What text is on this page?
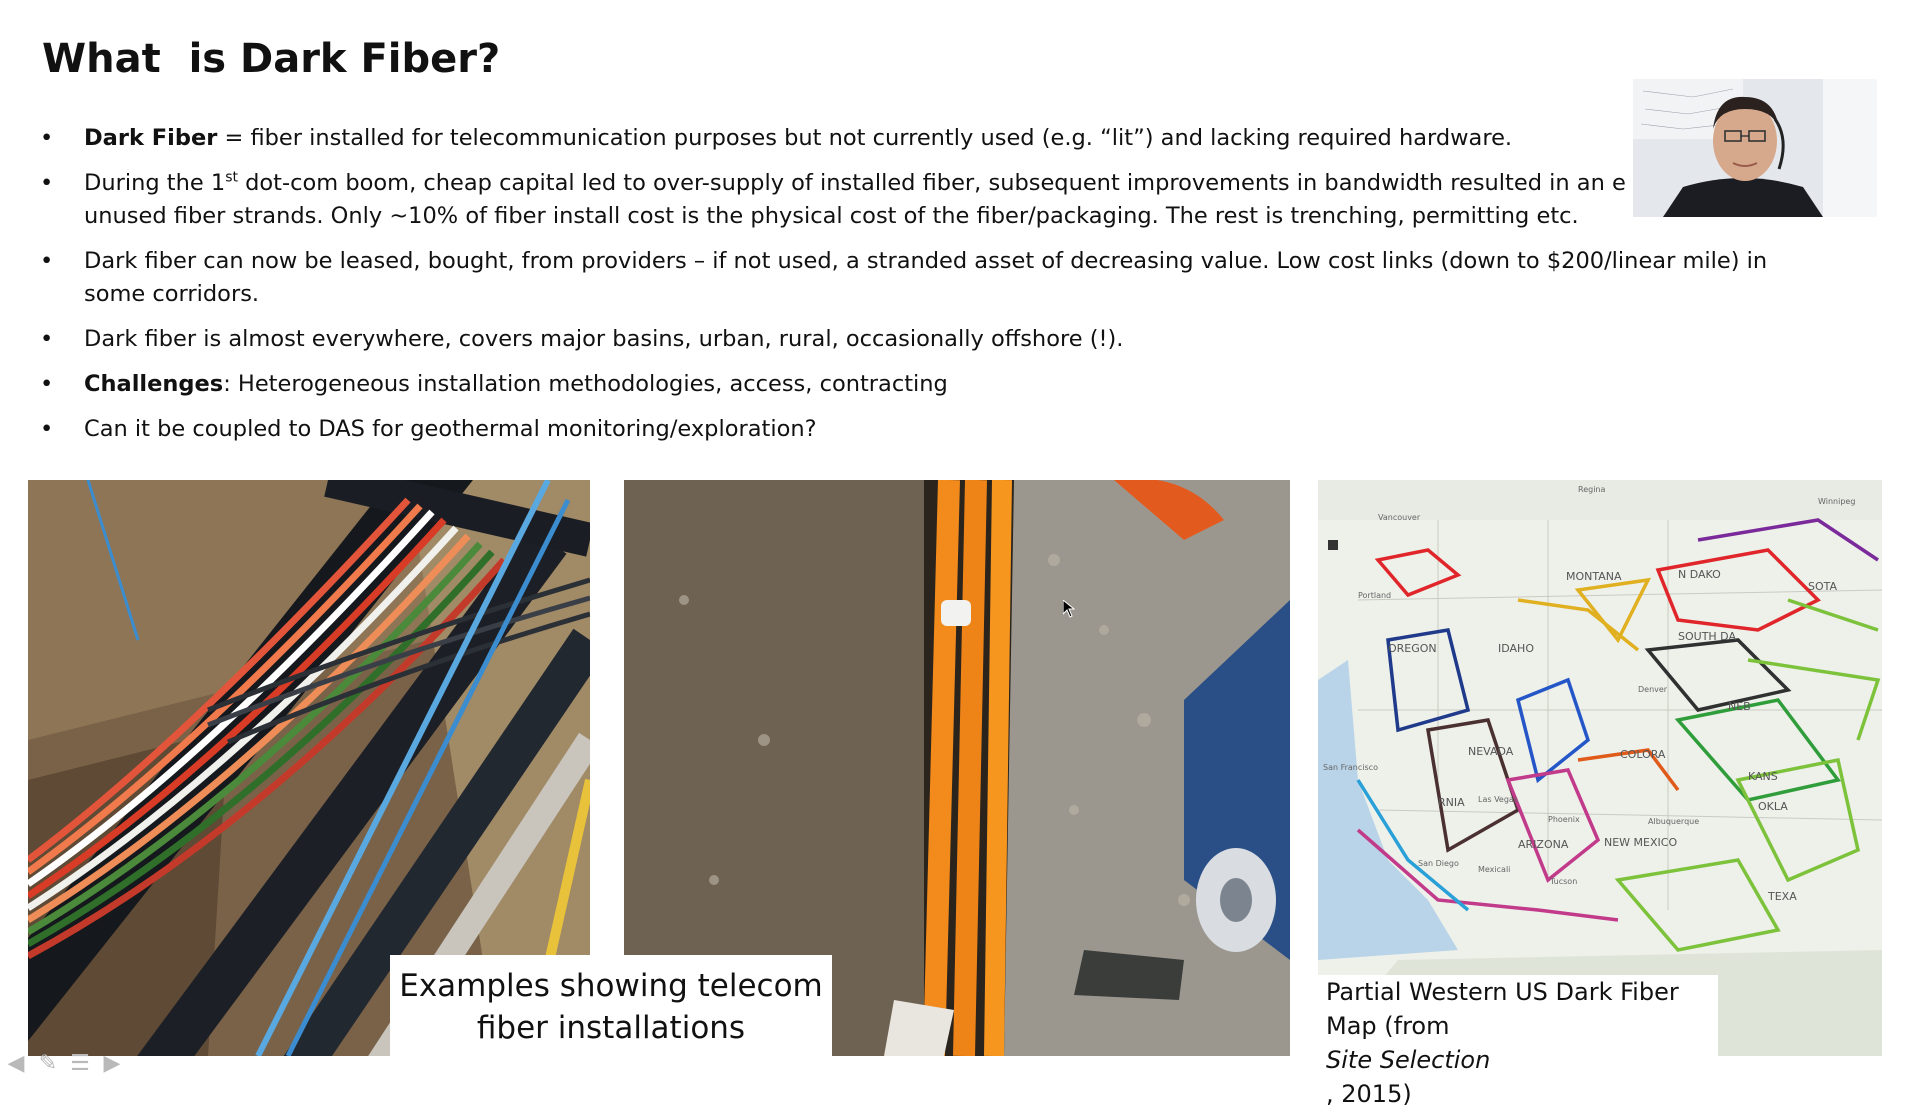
What  is Dark Fiber?
• Dark Fiber = fiber installed for telecommunication purposes but not currently used (e.g. “lit”) and lacking required hardware.
• During the 1st dot-com boom, cheap capital led to over-supply of installed fiber, subsequent improvements in bandwidth resulted in an e
unused fiber strands. Only ~10% of fiber install cost is the physical cost of the fiber/packaging. The rest is trenching, permitting etc.
• Dark fiber can now be leased, bought, from providers – if not used, a stranded asset of decreasing value. Low cost links (down to $200/linear mile) in
some corridors.
• Dark fiber is almost everywhere, covers major basins, urban, rural, occasionally offshore (!).
• Challenges: Heterogeneous installation methodologies, access, contracting
• Can it be coupled to DAS for geothermal monitoring/exploration?
MONTANA
OREGON	IDAHO
NEVADA
ARIZONA	NEW MEXICO
COLORA
RNIA
N DAKO
SOUTH DA
SOTA
NEB
KANS
OKLA
TEXA
Vancouver
Portland
San Francisco
Las Vegas
San Diego
Mexicali
Phoenix
Tucson
Denver
Albuquerque
Regina
Winnipeg
Examples showing telecom
fiber installations
Partial Western US Dark Fiber
Map (from
Site Selection
, 2015)
◀ ✎ ☰ ▶
